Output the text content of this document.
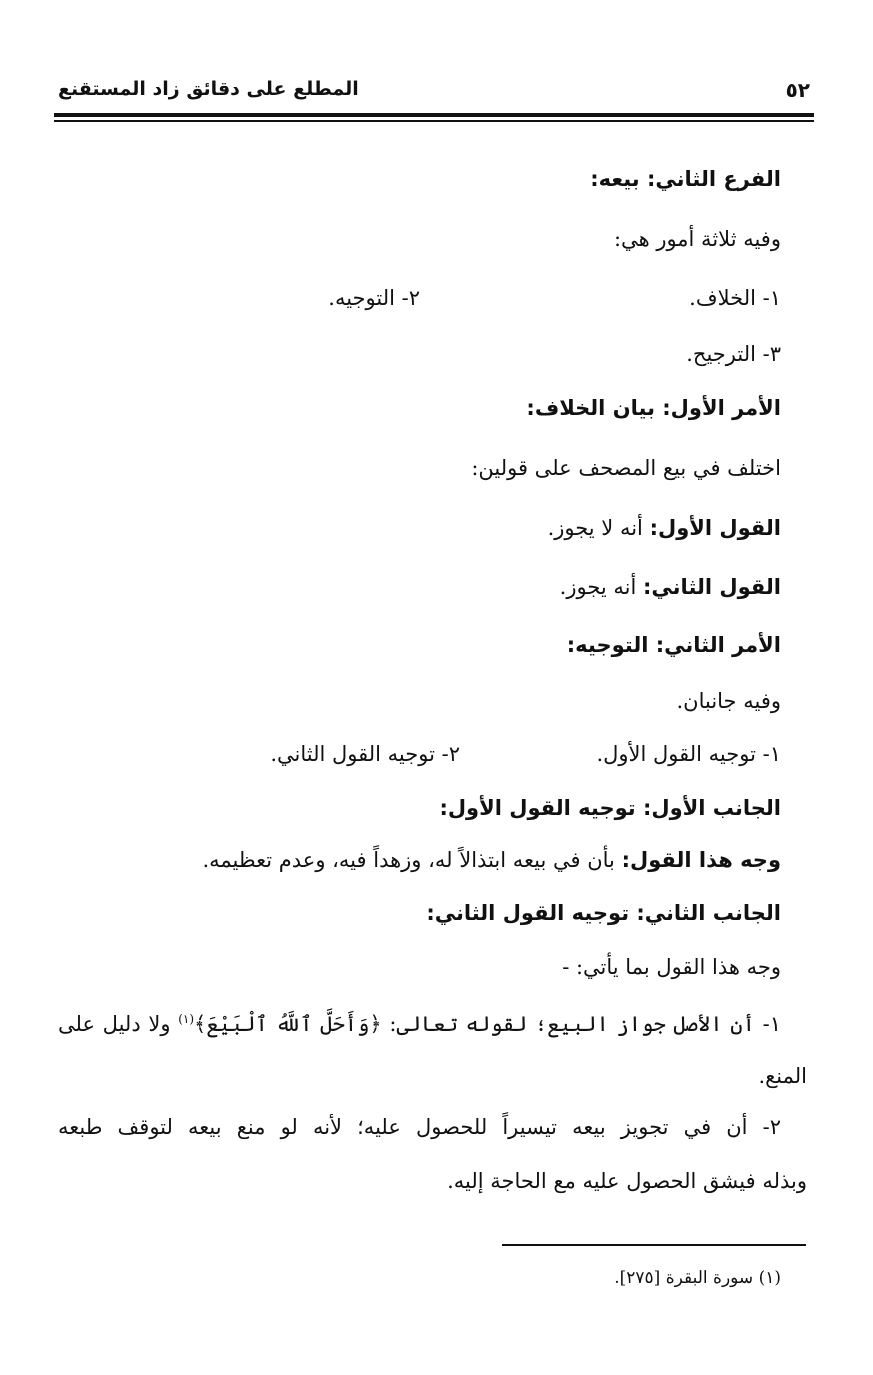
المطلع على دقائق زاد المستقنع	٥٢
الفرع الثاني: بيعه:
وفيه ثلاثة أمور هي:
١- الخلاف.
٢- التوجيه.
٣- الترجيح.
الأمر الأول: بيان الخلاف:
اختلف في بيع المصحف على قولين:
القول الأول: أنه لا يجوز.
القول الثاني: أنه يجوز.
الأمر الثاني: التوجيه:
وفيه جانبان.
١- توجيه القول الأول.
٢- توجيه القول الثاني.
الجانب الأول: توجيه القول الأول:
وجه هذا القول: بأن في بيعه ابتذالاً له، وزهداً فيه، وعدم تعظيمه.
الجانب الثاني: توجيه القول الثاني:
وجه هذا القول بما يأتي: -
١- أن الأصل جواز البيع؛ لقوله تعالى: ﴿وَأَحَلَّ ٱللَّهُ ٱلْبَيْعَ﴾$^{(١)}$ ولا دليل على
المنع.
٢- أن في تجويز بيعه تيسيراً للحصول عليه؛ لأنه لو منع بيعه لتوقف طبعه
وبذله فيشق الحصول عليه مع الحاجة إليه.
(١) سورة البقرة [٢٧٥].
